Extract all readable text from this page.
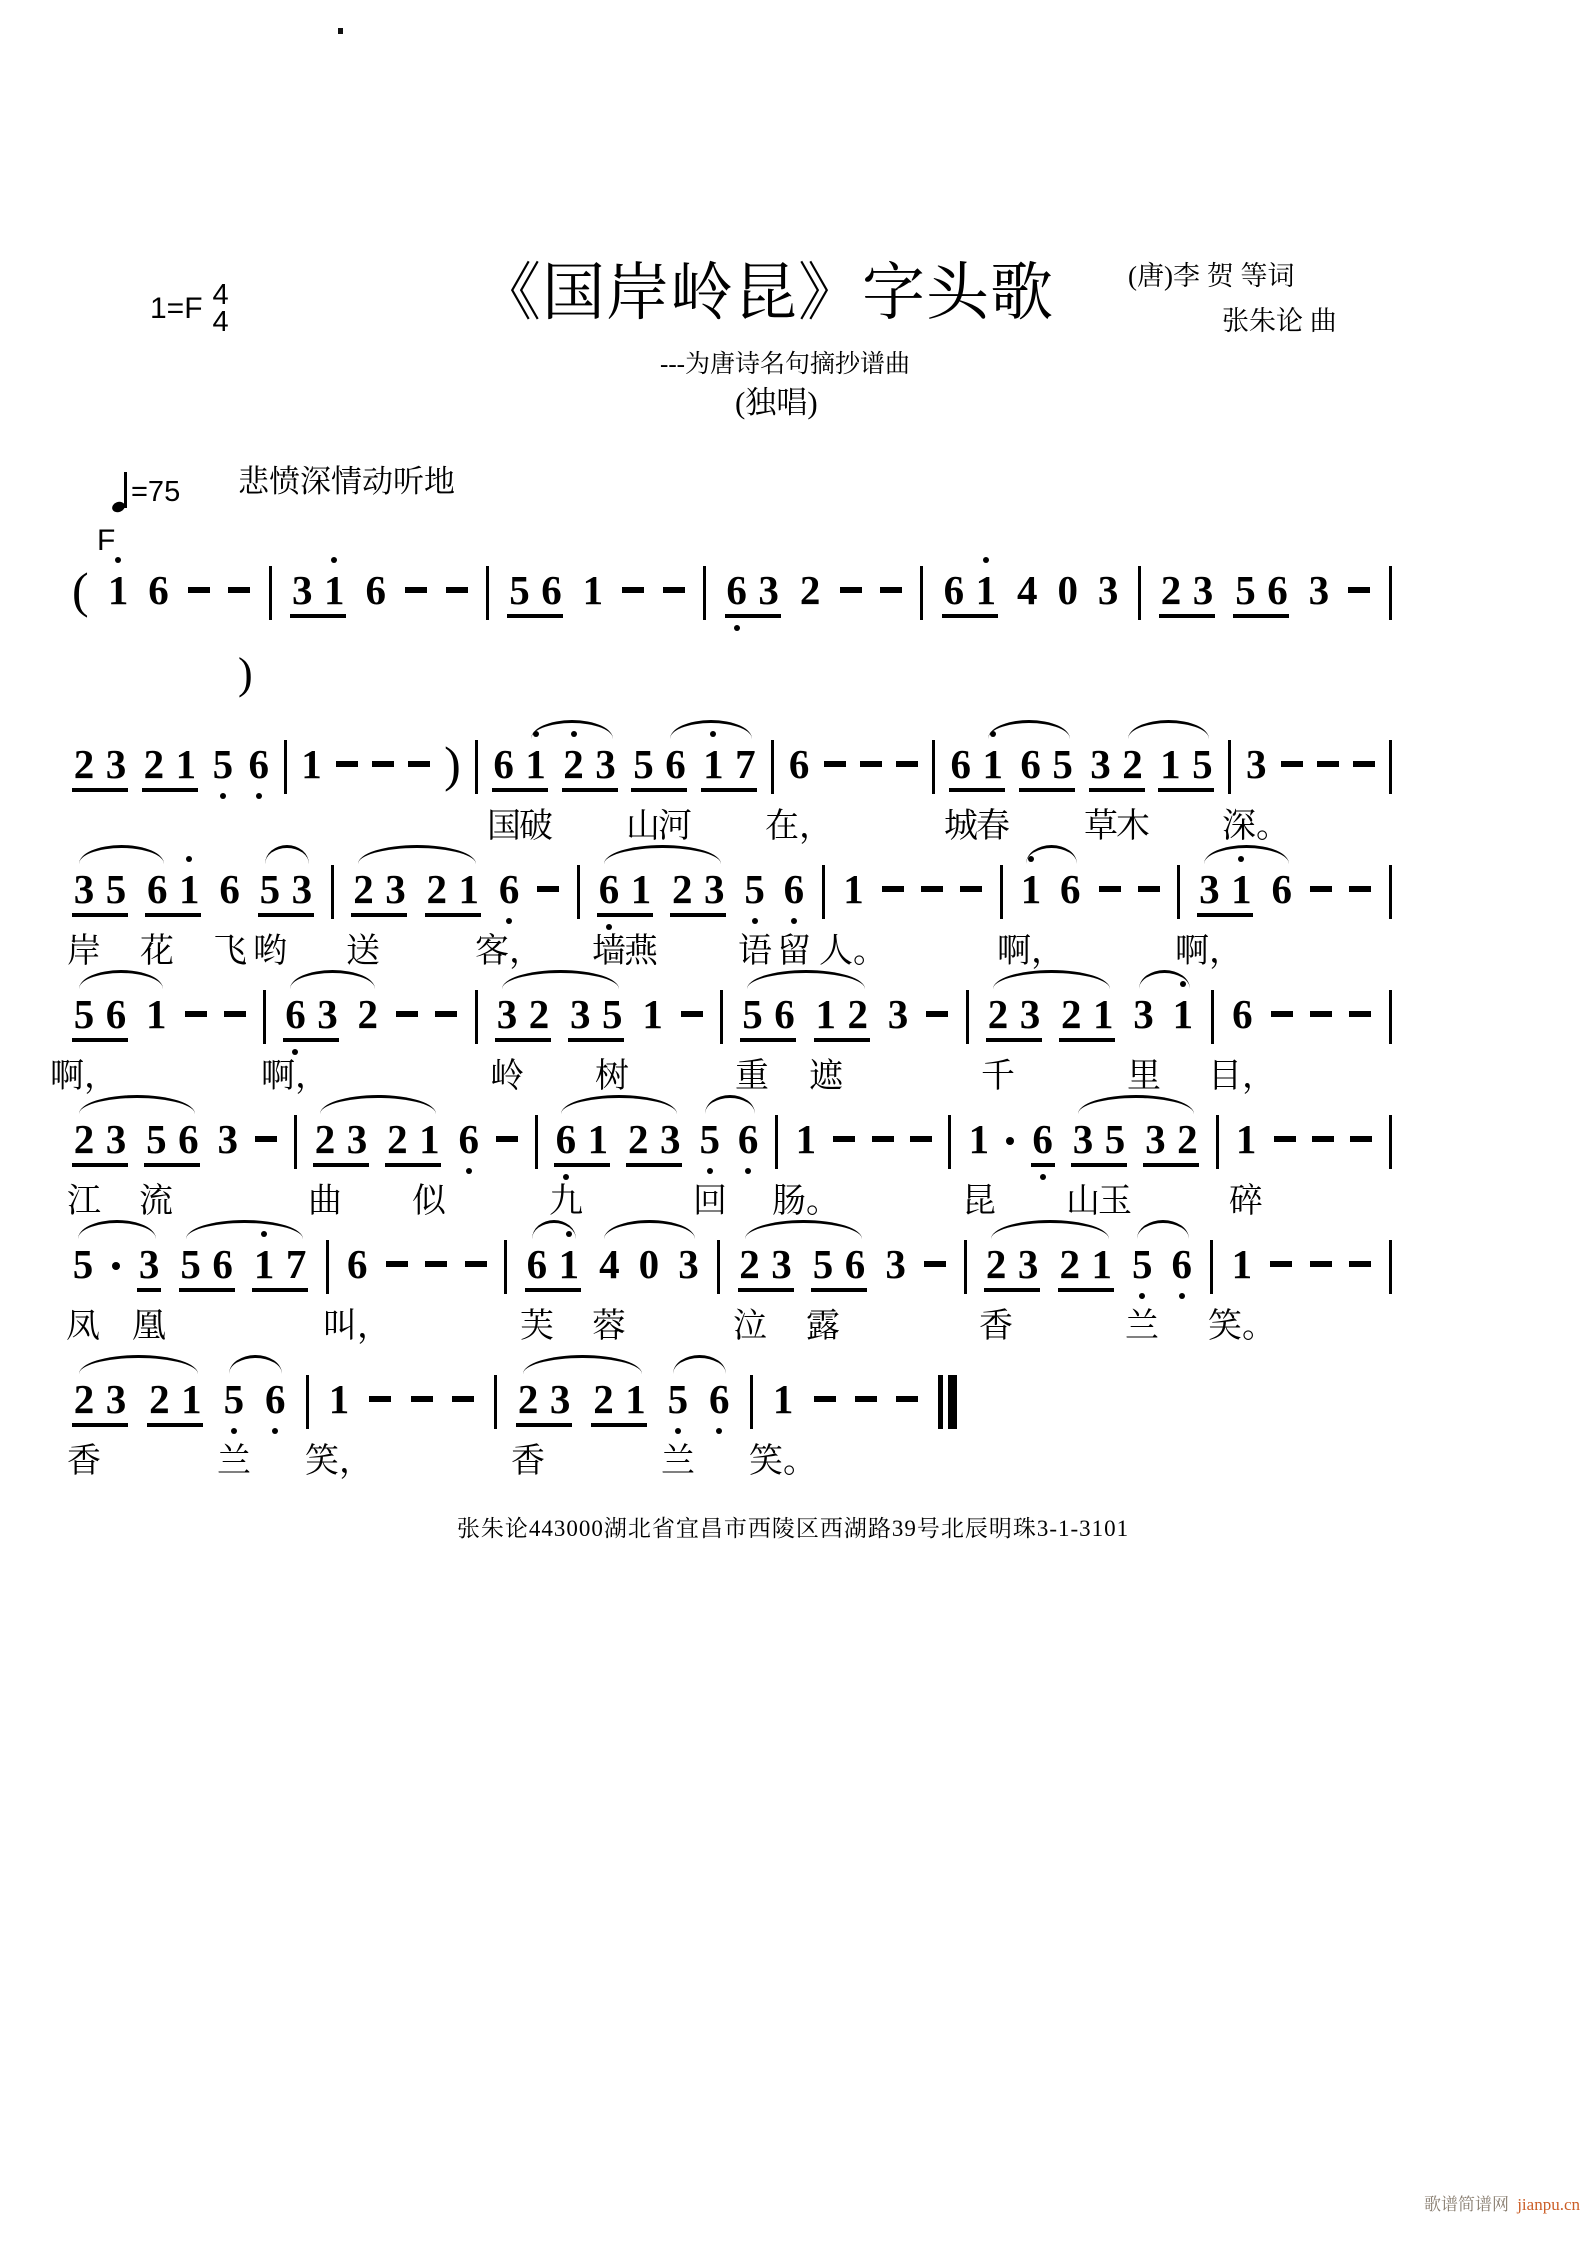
1=F 4
4	《国岸岭昆》字头歌	(唐)李 贺 等词
张朱论 曲
---为唐诗名句摘抄谱曲
(独唱)
=75 悲愤深情动听地
F
)
( 1 6	3 1 6	5 6 1	6 3 2	6 1 4 0 3 2 3 5 6 3
2 3 2 1 5 6 1 ) 6 1 2 3 5 6 1 7 6	6 1 6 5 3 2 1 5 3
国
破 山
河 在，	城
春 草
木 深。
3 5 6 1 6 5 3 2 3 2 1 6 6 1 2 3 5 6 1	1 6	3 1 6
岸 花 飞 哟 送	客， 墙
燕 语 留 人。	啊，	啊，
5 6 1	6 3 2	3 2 3 5 1 5 6 1 2 3 2 3 2 1 3 1 6
啊，	啊，	岭 树	重 遮	千	里 目，
2 3 5 6 3 2 3 2 1 6 6 1 2 3 5 6 1	1 6 3 5 3 2 1
江 流	曲 似	九	回 肠。	昆 山
玉	碎
5 3 5 6 1 7 6	6 1 4 0 3 2 3 5 6 3 2 3 2 1 5 6 1
凤 凰	叫，	芙 蓉	泣 露	香	兰 笑。
2 3 2 1 5 6 1	2 3 2 1 5 6 1
香	兰 笑，	香	兰 笑。
张朱论443000湖北省宜昌市西陵区西湖路39号北辰明珠3-1-3101
歌谱简谱网 jianpu.cn
